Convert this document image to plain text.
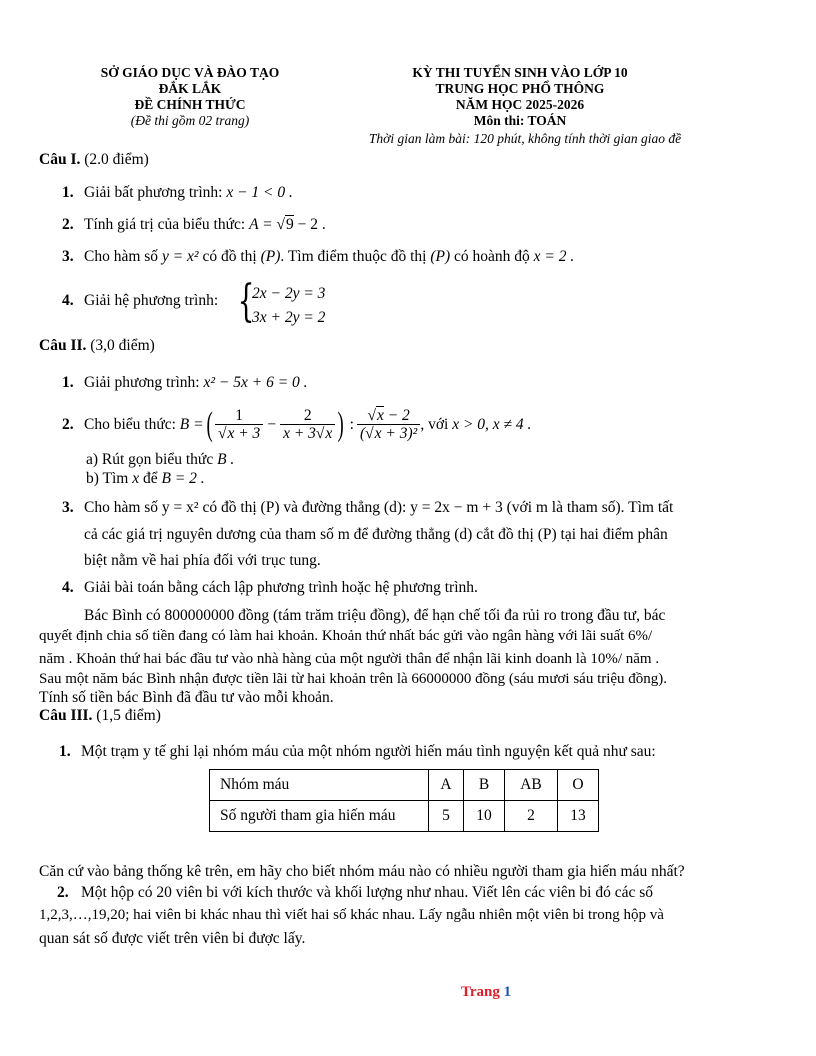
SỞ GIÁO DỤC VÀ ĐÀO TẠO
ĐẮK LẮK
ĐỀ CHÍNH THỨC
(Đề thi gồm 02 trang)
KỲ THI TUYỂN SINH VÀO LỚP 10
TRUNG HỌC PHỔ THÔNG
NĂM HỌC 2025-2026
Môn thi: TOÁN
Thời gian làm bài: 120 phút, không tính thời gian giao đề
Câu I. (2.0 điểm)
1. Giải bất phương trình: x − 1 < 0 .
2. Tính giá trị của biểu thức: A = √9 − 2 .
3. Cho hàm số y = x² có đồ thị (P). Tìm điểm thuộc đồ thị (P) có hoành độ x = 2 .
4. Giải hệ phương trình: {
2x − 2y = 3
3x + 2y = 2
Câu II. (3,0 điểm)
1. Giải phương trình: x² − 5x + 6 = 0 .
2. Cho biểu thức:
B = ( $\frac{1}{√x + 3} - \frac{2}{x + 3√x}$ ) : $\frac{√x - 2}{\text{(√x + 3)²}}$ , với
x > 0, x ≠ 4 .
a) Rút gọn biểu thức B .
b) Tìm x để B = 2 .
3. Cho hàm số y = x² có đồ thị (P) và đường thẳng (d): y = 2x − m + 3 (với m là tham số). Tìm tất
cả các giá trị nguyên dương của tham số m để đường thẳng (d) cắt đồ thị (P) tại hai điểm phân
biệt nằm về hai phía đối với trục tung.
4. Giải bài toán bằng cách lập phương trình hoặc hệ phương trình.
Bác Bình có 800000000 đồng (tám trăm triệu đồng), để hạn chế tối đa rủi ro trong đầu tư, bác
quyết định chia số tiền đang có làm hai khoản. Khoản thứ nhất bác gửi vào ngân hàng với lãi suất 6%/
năm . Khoản thứ hai bác đầu tư vào nhà hàng của một người thân để nhận lãi kinh doanh là 10%/ năm .
Sau một năm bác Bình nhận được tiền lãi từ hai khoản trên là 66000000 đồng (sáu mươi sáu triệu đồng).
Tính số tiền bác Bình đã đầu tư vào mỗi khoản.
Câu III. (1,5 điểm)
1. Một trạm y tế ghi lại nhóm máu của một nhóm người hiến máu tình nguyện kết quả như sau:
Nhóm máu	A	B	AB	O
Số người tham gia hiến máu	5	10	2	13
Căn cứ vào bảng thống kê trên, em hãy cho biết nhóm máu nào có nhiều người tham gia hiến máu nhất?
2. Một hộp có 20 viên bi với kích thước và khối lượng như nhau. Viết lên các viên bi đó các số
1,2,3,…,19,20; hai viên bi khác nhau thì viết hai số khác nhau. Lấy ngẫu nhiên một viên bi trong hộp và
quan sát số được viết trên viên bi được lấy.
Trang 1
